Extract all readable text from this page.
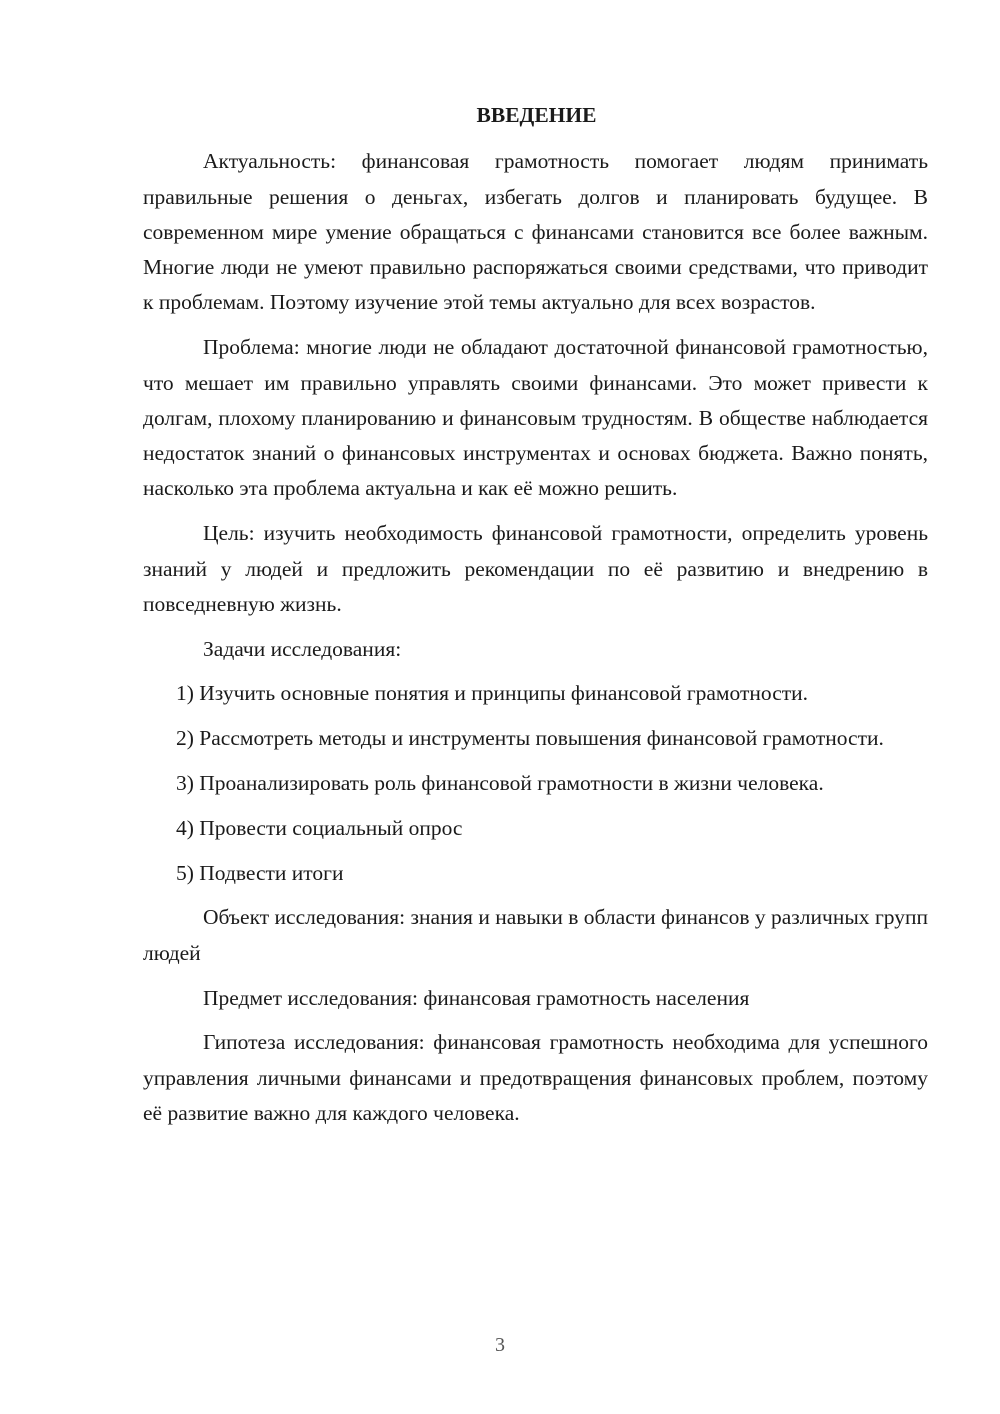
ВВЕДЕНИЕ

Актуальность: финансовая грамотность помогает людям принимать правильные решения о деньгах, избегать долгов и планировать будущее. В современном мире умение обращаться с финансами становится все более важным. Многие люди не умеют правильно распоряжаться своими средствами, что приводит к проблемам. Поэтому изучение этой темы актуально для всех возрастов.

Проблема: многие люди не обладают достаточной финансовой грамотностью, что мешает им правильно управлять своими финансами. Это может привести к долгам, плохому планированию и финансовым трудностям. В обществе наблюдается недостаток знаний о финансовых инструментах и основах бюджета. Важно понять, насколько эта проблема актуальна и как её можно решить.

Цель: изучить необходимость финансовой грамотности, определить уровень знаний у людей и предложить рекомендации по её развитию и внедрению в повседневную жизнь.

Задачи исследования:

1) Изучить основные понятия и принципы финансовой грамотности.

2) Рассмотреть методы и инструменты повышения финансовой грамотности.

3) Проанализировать роль финансовой грамотности в жизни человека.

4) Провести социальный опрос

5) Подвести итоги

Объект исследования: знания и навыки в области финансов у различных групп людей

Предмет исследования: финансовая грамотность населения

Гипотеза исследования: финансовая грамотность необходима для успешного управления личными финансами и предотвращения финансовых проблем, поэтому её развитие важно для каждого человека.

3
